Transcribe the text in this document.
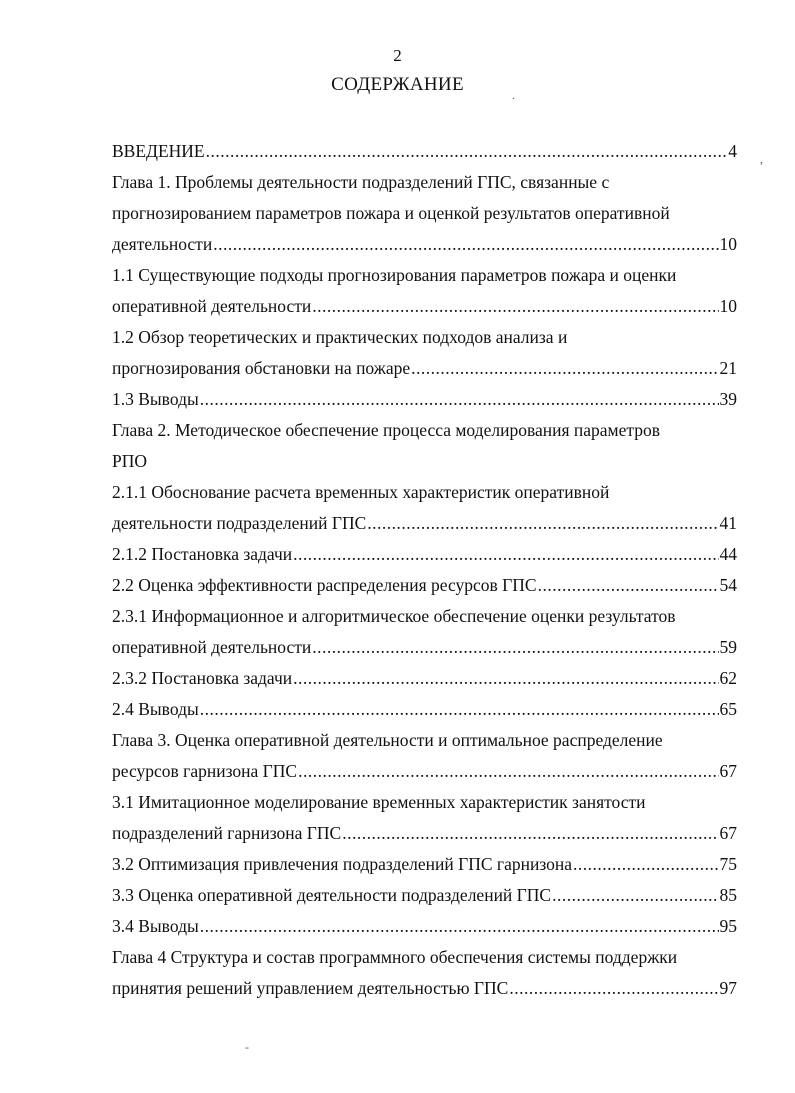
2
СОДЕРЖАНИЕ
ВВЕДЕНИЕ .....	4
Глава 1. Проблемы деятельности подразделений ГПС, связанные с
прогнозированием параметров пожара и оценкой результатов оперативной
деятельности .....	10
1.1 Существующие подходы прогнозирования параметров пожара и оценки
оперативной деятельности .....	10
1.2 Обзор теоретических и практических подходов анализа и
прогнозирования обстановки на пожаре .....	21
1.3 Выводы .....	39
Глава 2. Методическое обеспечение процесса моделирования параметров
РПО
2.1.1 Обоснование расчета временных характеристик оперативной
деятельности подразделений ГПС .....	41
2.1.2 Постановка задачи .....	44
2.2 Оценка эффективности распределения ресурсов ГПС .....	54
2.3.1 Информационное и алгоритмическое обеспечение оценки результатов
оперативной деятельности .....	59
2.3.2 Постановка задачи .....	62
2.4 Выводы .....	65
Глава 3. Оценка оперативной деятельности и оптимальное распределение
ресурсов гарнизона ГПС .....	67
3.1 Имитационное моделирование временных характеристик занятости
подразделений гарнизона ГПС .....	67
3.2 Оптимизация привлечения подразделений ГПС гарнизона .....	75
3.3 Оценка оперативной деятельности подразделений ГПС .....	85
3.4 Выводы .....	95
Глава 4 Структура и состав программного обеспечения системы поддержки
принятия решений управлением деятельностью ГПС .....	97
.
,
-
